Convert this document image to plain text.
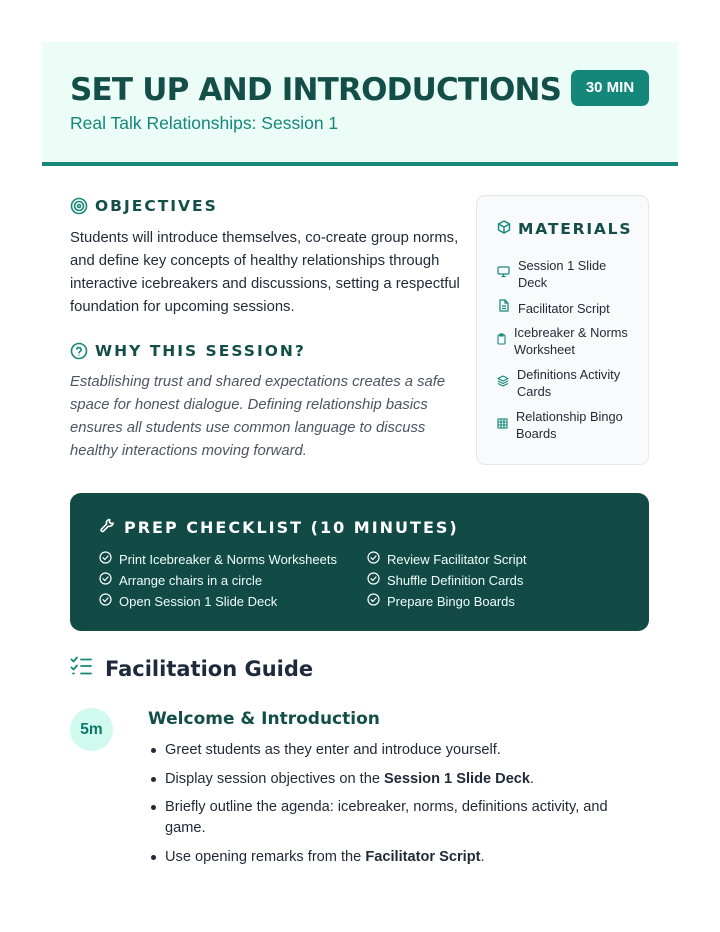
SET UP AND INTRODUCTIONS
Real Talk Relationships: Session 1
30 MIN
OBJECTIVES
Students will introduce themselves, co-create group norms, and define key concepts of healthy relationships through interactive icebreakers and discussions, setting a respectful foundation for upcoming sessions.
WHY THIS SESSION?
Establishing trust and shared expectations creates a safe space for honest dialogue. Defining relationship basics ensures all students use common language to discuss healthy interactions moving forward.
MATERIALS
Session 1 Slide Deck
Facilitator Script
Icebreaker & Norms Worksheet
Definitions Activity Cards
Relationship Bingo Boards
PREP CHECKLIST (10 MINUTES)
Print Icebreaker & Norms Worksheets
Arrange chairs in a circle
Open Session 1 Slide Deck
Review Facilitator Script
Shuffle Definition Cards
Prepare Bingo Boards
Facilitation Guide
5m
Welcome & Introduction
Greet students as they enter and introduce yourself.
Display session objectives on the Session 1 Slide Deck.
Briefly outline the agenda: icebreaker, norms, definitions activity, and game.
Use opening remarks from the Facilitator Script.
